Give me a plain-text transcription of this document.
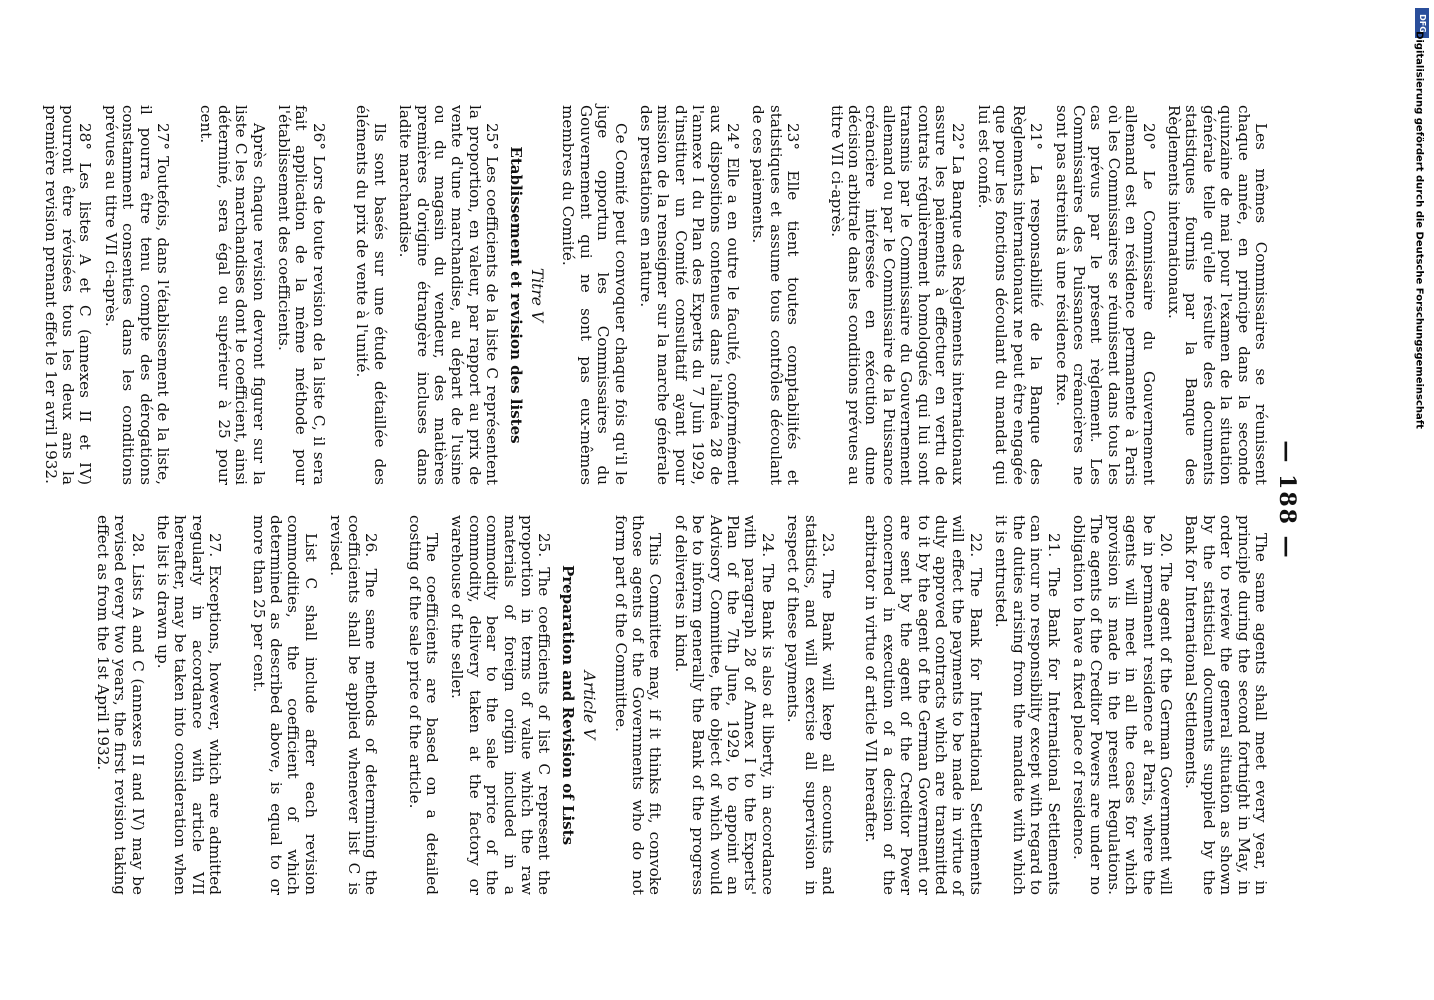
— 188 —

Les mêmes Commissaires se réunissent chaque année, en principe dans la seconde quinzaine de mai pour l'examen de la situation générale telle qu'elle résulte des documents statistiques fournis par la Banque des Règlements internationaux.

20° Le Commissaire du Gouvernement allemand est en résidence permanente à Paris où les Commissaires se réunissent dans tous les cas prévus par le présent règlement. Les Commissaires des Puissances créancières ne sont pas astreints à une résidence fixe.

21° La responsabilité de la Banque des Règlements internationaux ne peut être engagée que pour les fonctions découlant du mandat qui lui est confié.

22° La Banque des Règlements internationaux assure les paiements à effectuer en vertu de contrats régulièrement homologués qui lui sont transmis par le Commissaire du Gouvernement allemand ou par le Commissaire de la Puissance créancière intéressée en exécution dune décision arbitrale dans les conditions prévues au titre VII ci-après.

23° Elle tient toutes comptabilités et statistiques et assume tous contrôles découlant de ces paiements.

24° Elle a en outre le faculté, conformément aux dispositions contenues dans l'alinéa 28 de l'annexe I du Plan des Experts du 7 Juin 1929, d'instituer un Comité consultatif ayant pour mission de la renseigner sur la marche générale des prestations en nature.

Ce Comité peut convoquer chaque fois qu'il le juge opportun les Commissaires du Gouvernement qui ne sont pas eux-mêmes membres du Comité.

Titre V
Etablissement et revision des listes

25° Les coefficients de la liste C représentent la proportion, en valeur, par rapport au prix de vente d'une marchandise, au départ de l'usine ou du magasin du vendeur, des matières premières d'origine étrangère incluses dans ladite marchandise.

Ils sont basés sur une étude détaillée des éléments du prix de vente à l'unité.

26° Lors de toute revision de la liste C, il sera fait application de la même méthode pour l'établissement des coefficients.

Après chaque revision devront figurer sur la liste C les marchandises dont le coefficient, ainsi déterminé, sera égal ou supérieur à 25 pour cent.

27° Toutefois, dans l'établissement de la liste, il pourra être tenu compte des dérogations constamment consenties dans les conditions prévues au titre VII ci-après.

28° Les listes A et C (annexes II et IV) pourront être révisées tous les deux ans la première revision prenant effet le 1er avril 1932.

The same agents shall meet every year, in principle during the second fortnight in May, in order to review the general situation as shown by the statistical documents supplied by the Bank for International Settlements.

20. The agent of the German Government will be in permanent residence at Paris, where the agents will meet in all the cases for which provision is made in the present Regulations. The agents of the Creditor Powers are under no obligation to have a fixed place of residence.

21. The Bank for International Settlements can incur no responsibility except with regard to the duties arising from the mandate with which it is entrusted.

22. The Bank for International Settlements will effect the payments to be made in virtue of duly approved contracts which are transmitted to it by the agent of the German Government or are sent by the agent of the Creditor Power concerned in execution of a decision of the arbitrator in virtue of article VII hereafter.

23. The Bank will keep all accounts and statistics, and will exercise all supervision in respect of these payments.

24. The Bank is also at liberty, in accordance with paragraph 28 of Annex I to the Experts' Plan of the 7th June, 1929, to appoint an Advisory Committee, the object of which would be to inform generally the Bank of the progress of deliveries in kind.

This Committee may, if it thinks fit, convoke those agents of the Governments who do not form part of the Committee.

Article V
Preparation and Revision of Lists

25. The coefficients of list C represent the proportion in terms of value which the raw materials of foreign origin included in a commodity bear to the sale price of the commodity, delivery taken at the factory or warehouse of the seller.

The coefficients are based on a detailed costing of the sale price of the article.

26. The same methods of determining the coefficients shall be applied whenever list C is revised.

List C shall include after each revision commodities, the coefficient of which determined as described above, is equal to or more than 25 per cent.

27. Exceptions, however, which are admitted regularly in accordance with article VII hereafter, may be taken into consideration when the list is drawn up.

28. Lists A and C (annexes II and IV) may be revised every two years, the first revision taking effect as from the 1st April 1932.

DFG
Digitalisierung gefördert durch die Deutsche Forschungsgemeinschaft
